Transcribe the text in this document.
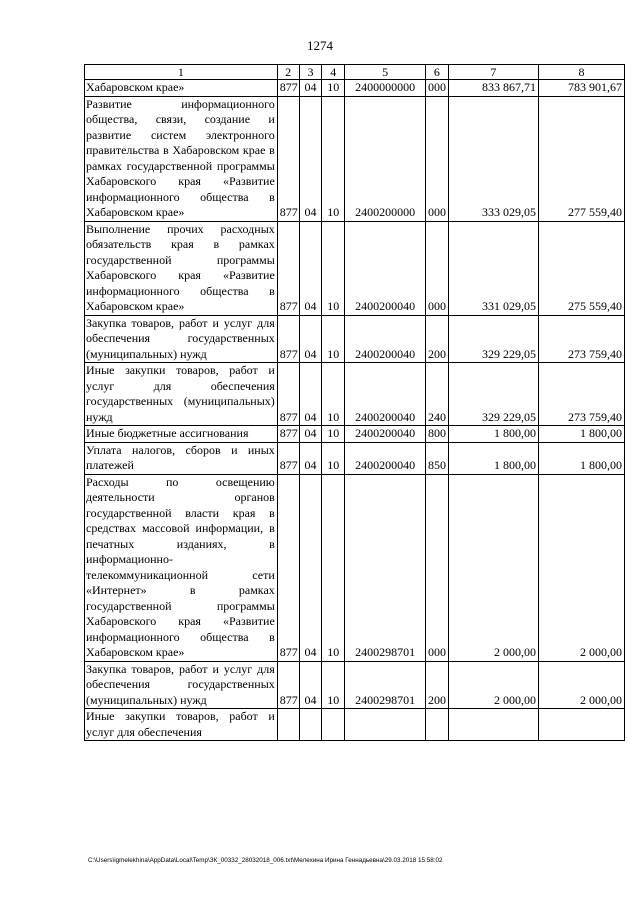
1274
1	2	3	4	5	6	7	8
Хабаровском крае»	877	04	10	2400000000	000	833 867,71	783 901,67
Развитие информационного общества, связи, создание и развитие систем электронного правительства в Хабаровском крае в рамках государственной программы Хабаровского края «Развитие информационного общества в Хабаровском крае»	877	04	10	2400200000	000	333 029,05	277 559,40
Выполнение прочих расходных обязательств края в рамках государственной программы Хабаровского края «Развитие информационного общества в Хабаровском крае»	877	04	10	2400200040	000	331 029,05	275 559,40
Закупка товаров, работ и услуг для обеспечения государственных (муниципальных) нужд	877	04	10	2400200040	200	329 229,05	273 759,40
Иные закупки товаров, работ и услуг для обеспечения государственных (муниципальных) нужд	877	04	10	2400200040	240	329 229,05	273 759,40
Иные бюджетные ассигнования	877	04	10	2400200040	800	1 800,00	1 800,00
Уплата налогов, сборов и иных платежей	877	04	10	2400200040	850	1 800,00	1 800,00
Расходы по освещению деятельности органов государственной власти края в средствах массовой информации, в печатных изданиях, в информационно-телекоммуникационной сети «Интернет» в рамках государственной программы Хабаровского края «Развитие информационного общества в Хабаровском крае»	877	04	10	2400298701	000	2 000,00	2 000,00
Закупка товаров, работ и услуг для обеспечения государственных (муниципальных) нужд	877	04	10	2400298701	200	2 000,00	2 000,00
Иные закупки товаров, работ и услуг для обеспечения							
C:\Users\igmelekhina\AppData\Local\Temp\ЗК_00332_28032018_006.txt\Мелехина Ирина Геннадьевна\29.03.2018 15:58:02
